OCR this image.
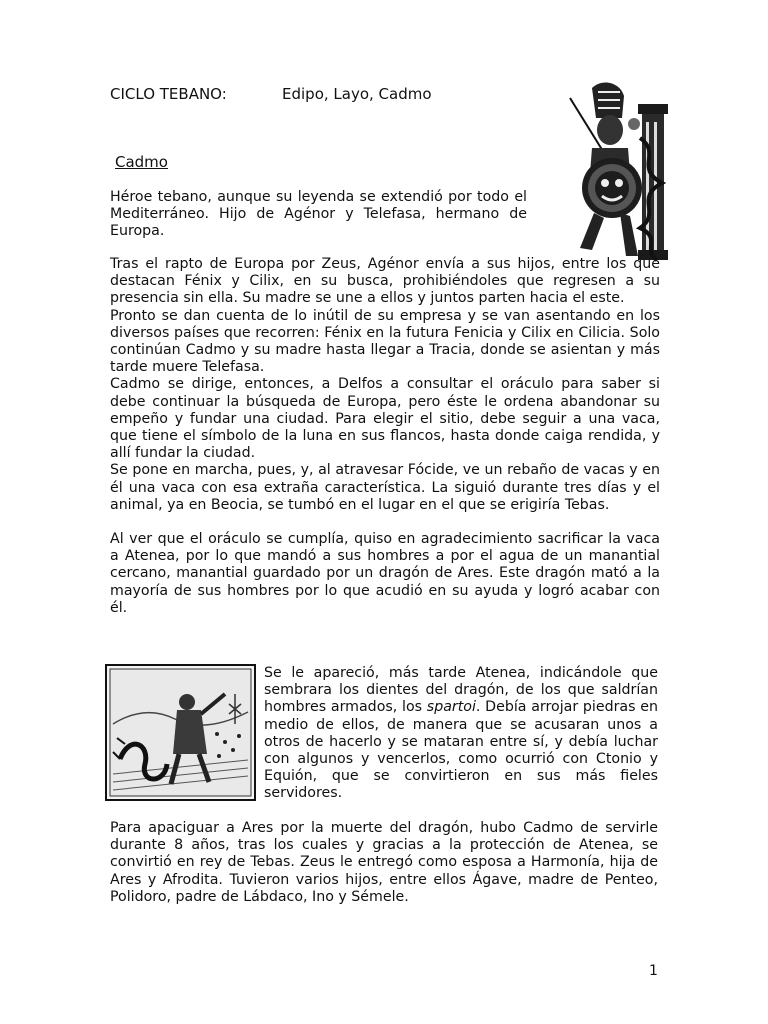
CICLO TEBANO:	Edipo, Layo, Cadmo
Cadmo

Héroe tebano, aunque su leyenda se extendió por todo el Mediterráneo. Hijo de Agénor y Telefasa, hermano de Europa.

Tras el rapto de Europa por Zeus, Agénor envía a sus hijos, entre los que destacan Fénix y Cilix, en su busca, prohibiéndoles que regresen a su presencia sin ella. Su madre se une a ellos y juntos parten hacia el este.

Pronto se dan cuenta de lo inútil de su empresa y se van asentando en los diversos países que recorren: Fénix en la futura Fenicia y Cilix en Cilicia. Solo continúan Cadmo y su madre hasta llegar a Tracia, donde se asientan y más tarde muere Telefasa.

Cadmo se dirige, entonces, a Delfos a consultar el oráculo para saber si debe continuar la búsqueda de Europa, pero éste le ordena abandonar su empeño y fundar una ciudad. Para elegir el sitio, debe seguir a una vaca, que tiene el símbolo de la luna en sus flancos, hasta donde caiga rendida, y allí fundar la ciudad.

Se pone en marcha, pues, y, al atravesar Fócide, ve un rebaño de vacas y en él una vaca con esa extraña característica. La siguió durante tres días y el animal, ya en Beocia, se tumbó en el lugar en el que se erigiría Tebas.

Al ver que el oráculo se cumplía, quiso en agradecimiento sacrificar la vaca a Atenea, por lo que mandó a sus hombres a por el agua de un manantial cercano, manantial guardado por un dragón de Ares. Este dragón mató a la mayoría de sus hombres por lo que acudió en su ayuda y logró acabar con él.

Se le apareció, más tarde Atenea, indicándole que sembrara los dientes del dragón, de los que saldrían hombres armados, los spartoi. Debía arrojar piedras en medio de ellos, de manera que se acusaran unos a otros de hacerlo y se mataran entre sí, y debía luchar con algunos y vencerlos, como ocurrió con Ctonio y Equión, que se convirtieron en sus más fieles servidores.

Para apaciguar a Ares por la muerte del dragón, hubo Cadmo de servirle durante 8 años, tras los cuales y gracias a la protección de Atenea, se convirtió en rey de Tebas. Zeus le entregó como esposa a Harmonía, hija de Ares y Afrodita. Tuvieron varios hijos, entre ellos Ágave, madre de Penteo, Polidoro, padre de Lábdaco, Ino y Sémele.

1
